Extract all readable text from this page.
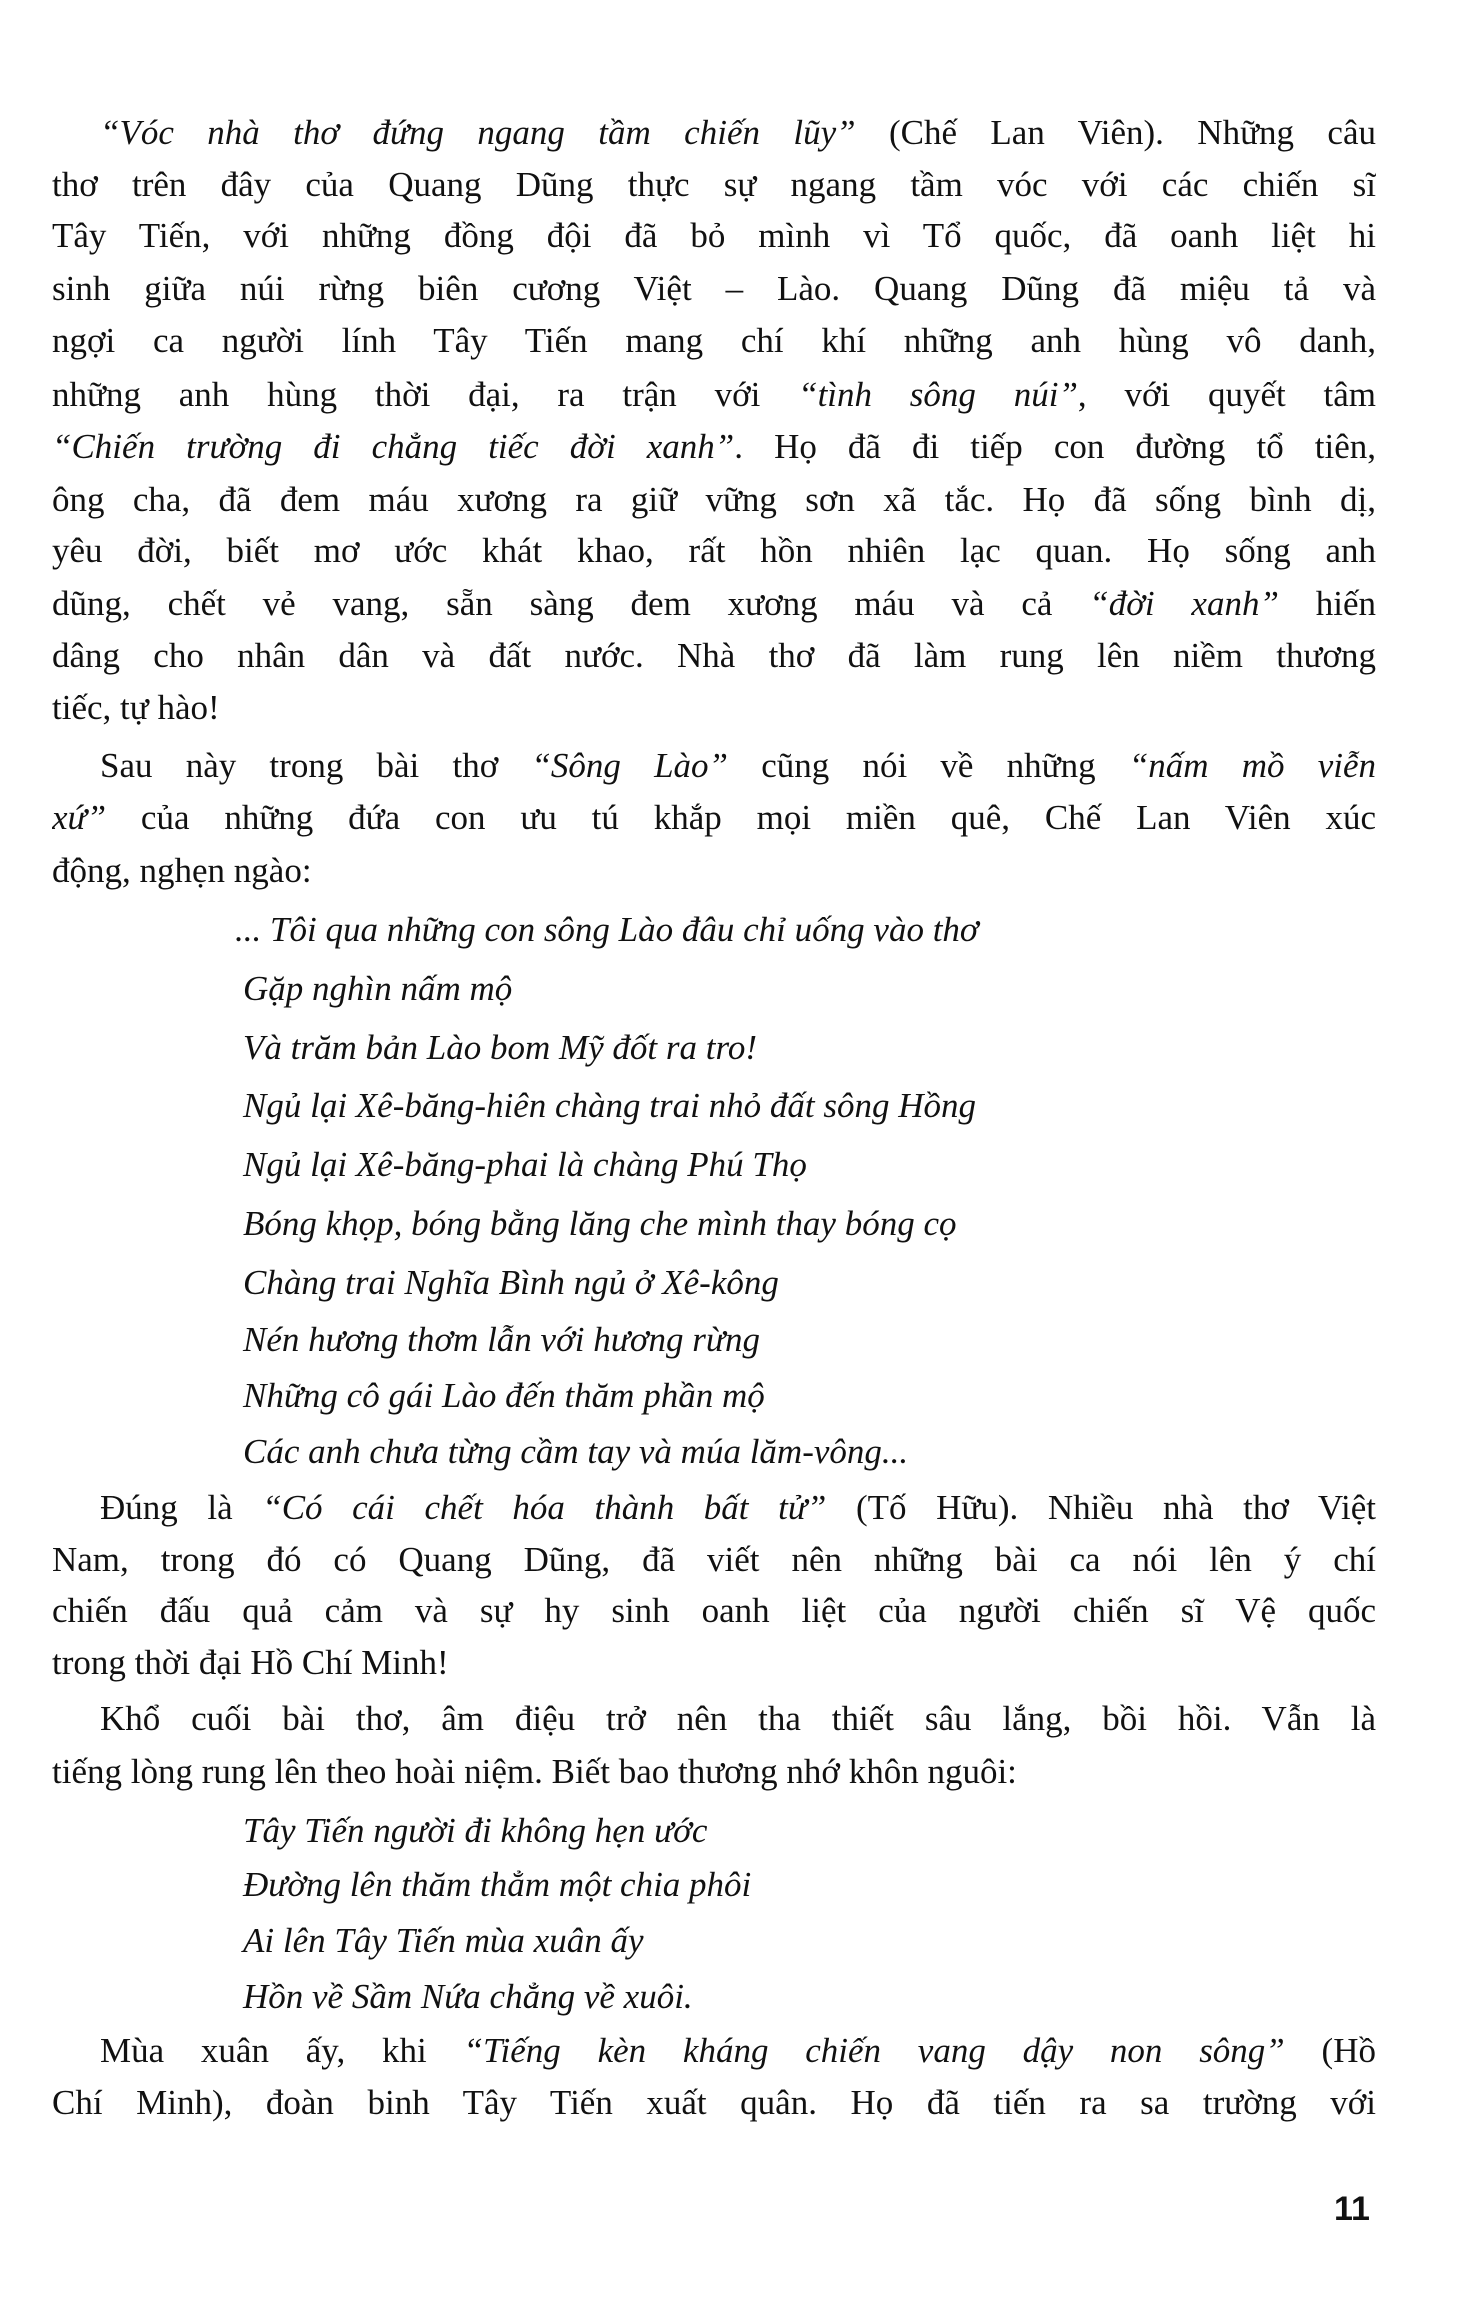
“Vóc nhà thơ đứng ngang tầm chiến lũy” (Chế Lan Viên). Những câu
thơ trên đây của Quang Dũng thực sự ngang tầm vóc với các chiến sĩ
Tây Tiến, với những đồng đội đã bỏ mình vì Tổ quốc, đã oanh liệt hi
sinh giữa núi rừng biên cương Việt – Lào. Quang Dũng đã miệu tả và
ngợi ca người lính Tây Tiến mang chí khí những anh hùng vô danh,
những anh hùng thời đại, ra trận với “tình sông núi”, với quyết tâm
“Chiến trường đi chẳng tiếc đời xanh”. Họ đã đi tiếp con đường tổ tiên,
ông cha, đã đem máu xương ra giữ vững sơn xã tắc. Họ đã sống bình dị,
yêu đời, biết mơ ước khát khao, rất hồn nhiên lạc quan. Họ sống anh
dũng, chết vẻ vang, sẵn sàng đem xương máu và cả “đời xanh” hiến
dâng cho nhân dân và đất nước. Nhà thơ đã làm rung lên niềm thương
tiếc, tự hào!
Sau này trong bài thơ “Sông Lào” cũng nói về những “nấm mồ viễn
xứ” của những đứa con ưu tú khắp mọi miền quê, Chế Lan Viên xúc
động, nghẹn ngào:
... Tôi qua những con sông Lào đâu chỉ uống vào thơ
Gặp nghìn nấm mộ
Và trăm bản Lào bom Mỹ đốt ra tro!
Ngủ lại Xê-băng-hiên chàng trai nhỏ đất sông Hồng
Ngủ lại Xê-băng-phai là chàng Phú Thọ
Bóng khọp, bóng bằng lăng che mình thay bóng cọ
Chàng trai Nghĩa Bình ngủ ở Xê-kông
Nén hương thơm lẫn với hương rừng
Những cô gái Lào đến thăm phần mộ
Các anh chưa từng cầm tay và múa lăm-vông...
Đúng là “Có cái chết hóa thành bất tử” (Tố Hữu). Nhiều nhà thơ Việt
Nam, trong đó có Quang Dũng, đã viết nên những bài ca nói lên ý chí
chiến đấu quả cảm và sự hy sinh oanh liệt của người chiến sĩ Vệ quốc
trong thời đại Hồ Chí Minh!
Khổ cuối bài thơ, âm điệu trở nên tha thiết sâu lắng, bồi hồi. Vẫn là
tiếng lòng rung lên theo hoài niệm. Biết bao thương nhớ khôn nguôi:
Tây Tiến người đi không hẹn ước
Đường lên thăm thẳm một chia phôi
Ai lên Tây Tiến mùa xuân ấy
Hồn về Sầm Nứa chẳng về xuôi.
Mùa xuân ấy, khi “Tiếng kèn kháng chiến vang dậy non sông” (Hồ
Chí Minh), đoàn binh Tây Tiến xuất quân. Họ đã tiến ra sa trường với
11
